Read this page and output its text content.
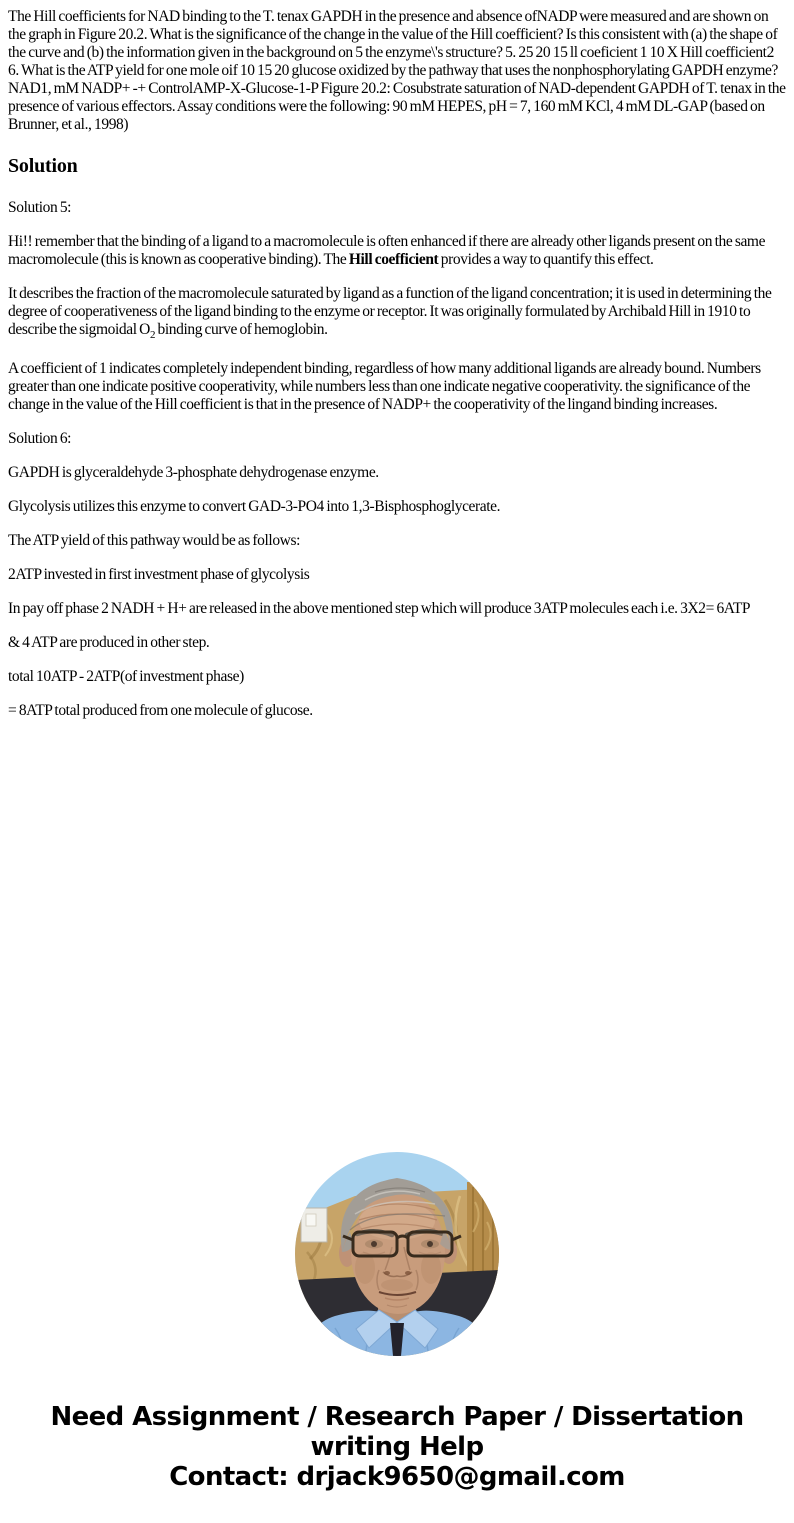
The Hill coefficients for NAD binding to the T. tenax GAPDH in the presence and absence ofNADP were measured and are shown on the graph in Figure 20.2. What is the significance of the change in the value of the Hill coefficient? Is this consistent with (a) the shape of the curve and (b) the information given in the background on 5 the enzyme\'s structure? 5. 25 20 15 ll coeficient 1 10 X Hill coefficient2 6. What is the ATP yield for one mole oif 10 15 20 glucose oxidized by the pathway that uses the nonphosphorylating GAPDH enzyme? NAD1, mM NADP+ -+ ControlAMP-X-Glucose-1-P Figure 20.2: Cosubstrate saturation of NAD-dependent GAPDH of T. tenax in the presence of various effectors. Assay conditions were the following: 90 mM HEPES, pH = 7, 160 mM KCl, 4 mM DL-GAP (based on Brunner, et al., 1998)

Solution

Solution 5:

Hi!! remember that the binding of a ligand to a macromolecule is often enhanced if there are already other ligands present on the same macromolecule (this is known as cooperative binding). The Hill coefficient provides a way to quantify this effect.

It describes the fraction of the macromolecule saturated by ligand as a function of the ligand concentration; it is used in determining the degree of cooperativeness of the ligand binding to the enzyme or receptor. It was originally formulated by Archibald Hill in 1910 to describe the sigmoidal $O_2$ binding curve of hemoglobin.

A coefficient of 1 indicates completely independent binding, regardless of how many additional ligands are already bound. Numbers greater than one indicate positive cooperativity, while numbers less than one indicate negative cooperativity. the significance of the change in the value of the Hill coefficient is that in the presence of NADP+ the cooperativity of the lingand binding increases.

Solution 6:

GAPDH is glyceraldehyde 3-phosphate dehydrogenase enzyme.

Glycolysis utilizes this enzyme to convert GAD-3-PO4 into 1,3-Bisphosphoglycerate.

The ATP yield of this pathway would be as follows:

2ATP invested in first investment phase of glycolysis

In pay off phase 2 NADH + H+ are released in the above mentioned step which will produce 3ATP molecules each i.e. 3X2= 6ATP

& 4 ATP are produced in other step.

total 10ATP - 2ATP(of investment phase)

= 8ATP total produced from one molecule of glucose.

Need Assignment / Research Paper / Dissertation
writing Help
Contact: drjack9650@gmail.com
